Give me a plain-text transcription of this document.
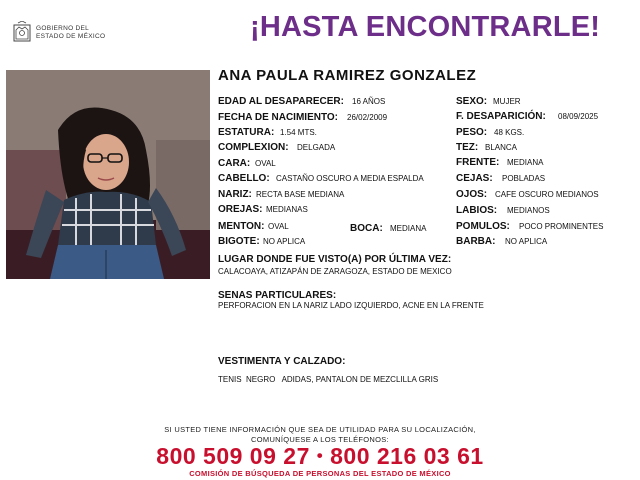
GOBIERNO DEL
ESTADO DE MÉXICO	¡HASTA ENCONTRARLE!
ANA PAULA RAMIREZ GONZALEZ
EDAD AL DESAPARECER: 16 AÑOS
FECHA DE NACIMIENTO: 26/02/2009
ESTATURA: 1.54 MTS.
COMPLEXION: DELGADA
CARA: OVAL
CABELLO: CASTAÑO OSCURO A MEDIA ESPALDA
NARIZ: RECTA BASE MEDIANA
OREJAS: MEDIANAS
MENTON: OVAL	BOCA: MEDIANA
BIGOTE: NO APLICA
SEXO: MUJER
F. DESAPARICIÓN: 08/09/2025
PESO: 48 KGS.
TEZ: BLANCA
FRENTE: MEDIANA
CEJAS: POBLADAS
OJOS: CAFE OSCURO MEDIANOS
LABIOS: MEDIANOS
POMULOS: POCO PROMINENTES
BARBA: NO APLICA
LUGAR DONDE FUE VISTO(A) POR ÚLTIMA VEZ:
CALACOAYA, ATIZAPÁN DE ZARAGOZA, ESTADO DE MEXICO
SENAS PARTICULARES:
PERFORACION EN LA NARIZ LADO IZQUIERDO, ACNE EN LA FRENTE
VESTIMENTA Y CALZADO:
TENIS  NEGRO   ADIDAS, PANTALON DE MEZCLILLA GRIS
SI USTED TIENE INFORMACIÓN QUE SEA DE UTILIDAD PARA SU LOCALIZACIÓN,
COMUNÍQUESE A LOS TELÉFONOS:
800 509 09 27 • 800 216 03 61
COMISIÓN DE BÚSQUEDA DE PERSONAS DEL ESTADO DE MÉXICO
